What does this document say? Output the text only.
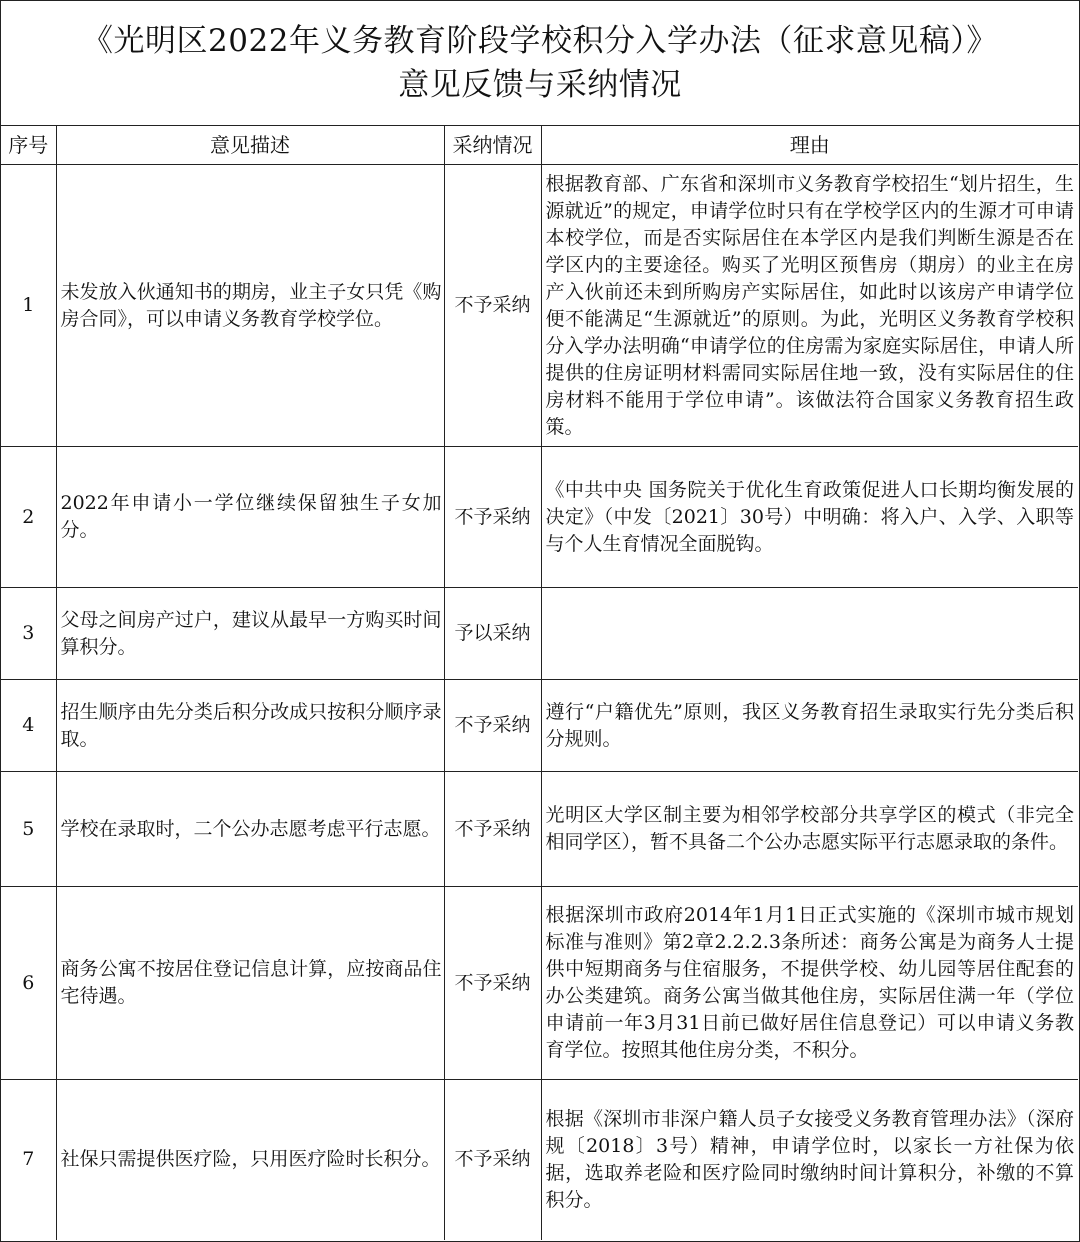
《光明区2022年义务教育阶段学校积分入学办法（征求意见稿）》
意见反馈与采纳情况
序号	意见描述	采纳情况	理由
1	未发放入伙通知书的期房，业主子女只凭《购房合同》，可以申请义务教育学校学位。	不予采纳	根据教育部、广东省和深圳市义务教育学校招生“划片招生，生源就近”的规定，申请学位时只有在学校学区内的生源才可申请本校学位，而是否实际居住在本学区内是我们判断生源是否在学区内的主要途径。购买了光明区预售房（期房）的业主在房产入伙前还未到所购房产实际居住，如此时以该房产申请学位便不能满足“生源就近”的原则。为此，光明区义务教育学校积分入学办法明确“申请学位的住房需为家庭实际居住，申请人所提供的住房证明材料需同实际居住地一致，没有实际居住的住房材料不能用于学位申请”。该做法符合国家义务教育招生政策。
2	2022年申请小一学位继续保留独生子女加分。	不予采纳	《中共中央 国务院关于优化生育政策促进人口长期均衡发展的决定》（中发〔2021〕30号）中明确：将入户、入学、入职等与个人生育情况全面脱钩。
3	父母之间房产过户，建议从最早一方购买时间算积分。	予以采纳	
4	招生顺序由先分类后积分改成只按积分顺序录取。	不予采纳	遵行“户籍优先”原则，我区义务教育招生录取实行先分类后积分规则。
5	学校在录取时，二个公办志愿考虑平行志愿。	不予采纳	光明区大学区制主要为相邻学校部分共享学区的模式（非完全相同学区），暂不具备二个公办志愿实际平行志愿录取的条件。
6	商务公寓不按居住登记信息计算，应按商品住宅待遇。	不予采纳	根据深圳市政府2014年1月1日正式实施的《深圳市城市规划标准与准则》第2章2.2.2.3条所述：商务公寓是为商务人士提供中短期商务与住宿服务，不提供学校、幼儿园等居住配套的办公类建筑。商务公寓当做其他住房，实际居住满一年（学位申请前一年3月31日前已做好居住信息登记）可以申请义务教育学位。按照其他住房分类，不积分。
7	社保只需提供医疗险，只用医疗险时长积分。	不予采纳	根据《深圳市非深户籍人员子女接受义务教育管理办法》（深府规〔2018〕3号）精神，申请学位时，以家长一方社保为依据，选取养老险和医疗险同时缴纳时间计算积分，补缴的不算积分。
